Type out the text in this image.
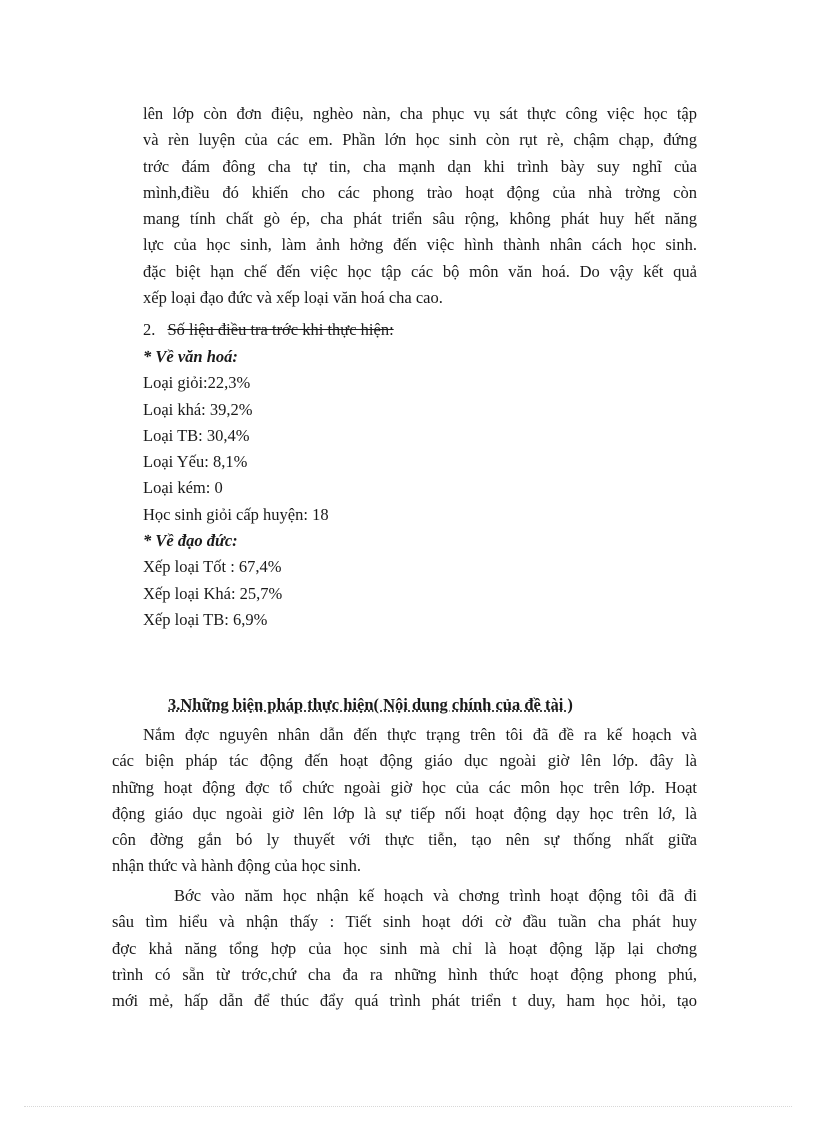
lên lớp còn đơn điệu, nghèo nàn, cha phục vụ sát thực công việc học tập
và rèn luyện của các em. Phần lớn học sinh còn rụt rè, chậm chạp, đứng
trớc đám đông cha tự tin, cha mạnh dạn khi trình bày suy nghĩ của
mình,điều đó khiến cho các phong trào hoạt động của nhà trờng còn
mang tính chất gò ép, cha phát triển sâu rộng, không phát huy hết năng
lực của học sinh, làm ảnh hởng đến việc hình thành nhân cách học sinh.
đặc biệt hạn chế đến việc học tập các bộ môn văn hoá. Do vậy kết quả
xếp loại đạo đức và xếp loại văn hoá cha cao.
2. Số liệu điều tra trớc khi thực hiện:
* Về văn hoá:
Loại giỏi:22,3%
Loại khá: 39,2%
Loại TB: 30,4%
Loại Yếu: 8,1%
Loại kém: 0
Học sinh giỏi cấp huyện: 18
* Về đạo đức:
Xếp loại Tốt : 67,4%
Xếp loại Khá: 25,7%
Xếp loại TB: 6,9%
3.Những biện pháp thực hiện( Nội dung chính của đề tài )
Nắm đợc nguyên nhân dẫn đến thực trạng trên tôi đã đề ra kế hoạch và
các biện pháp tác động đến hoạt động giáo dục ngoài giờ lên lớp. đây là
những hoạt động đợc tổ chức ngoài giờ học của các môn học trên lớp. Hoạt
động giáo dục ngoài giờ lên lớp là sự tiếp nối hoạt động dạy học trên lớ, là
côn đờng gắn bó ly thuyết với thực tiễn, tạo nên sự thống nhất giữa
nhận thức và hành động của học sinh.
Bớc vào năm học nhận kế hoạch và chơng trình hoạt động tôi đã đi
sâu tìm hiểu và nhận thấy : Tiết sinh hoạt dới cờ đầu tuần cha phát huy
đợc khả năng tổng hợp của học sinh mà chỉ là hoạt động lặp lại chơng
trình có sẵn từ trớc,chứ cha đa ra những hình thức hoạt động phong phú,
mới mẻ, hấp dẫn để thúc đẩy quá trình phát triển t duy, ham học hỏi, tạo
